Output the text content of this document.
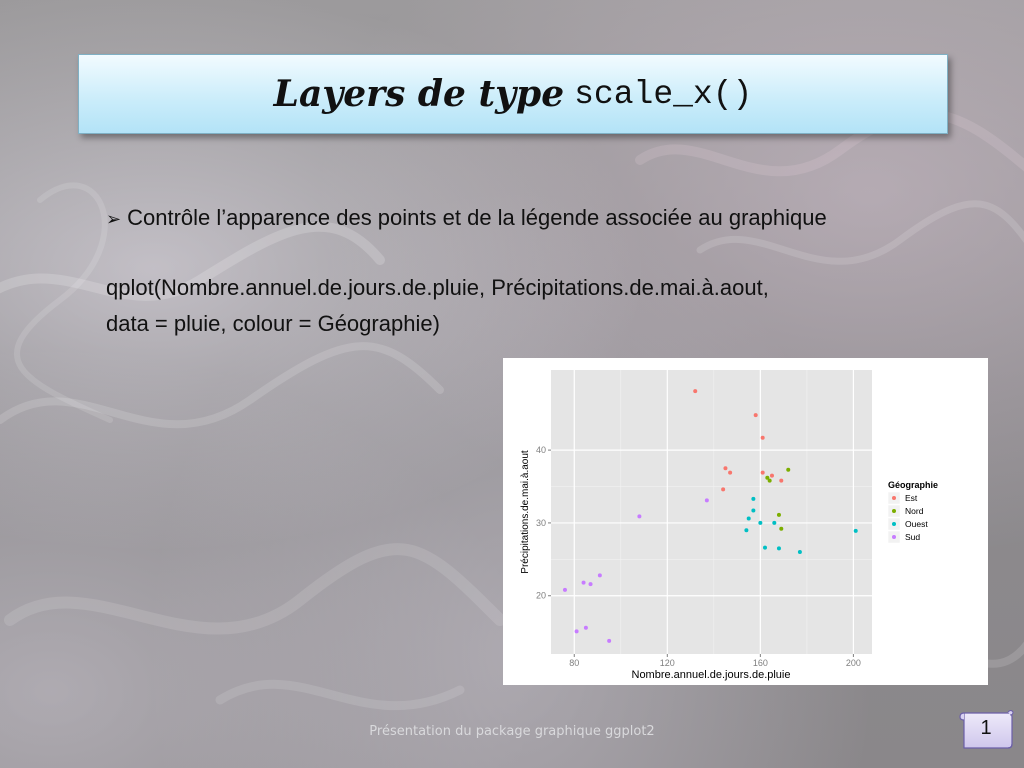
Layers de type scale_x()
➢ Contrôle l’apparence des points et de la légende associée au graphique
qplot(Nombre.annuel.de.jours.de.pluie, Précipitations.de.mai.à.aout,
data = pluie, colour = Géographie)
80	120	160	200
20
30
40
Nombre.annuel.de.jours.de.pluie
Précipitations.de.mai.à.aout	Géographie
Est
Nord
Ouest
Sud
Présentation du package graphique ggplot2	1
